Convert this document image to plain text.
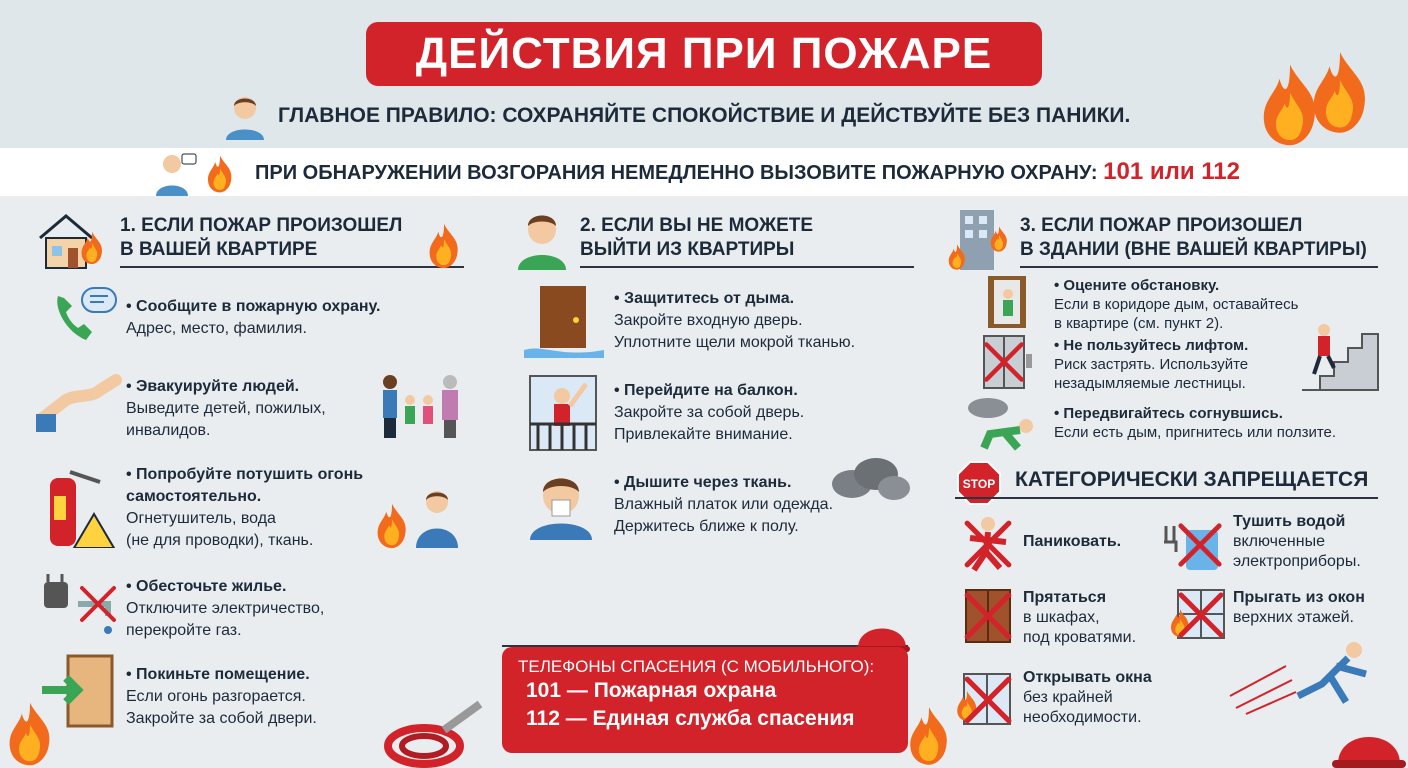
ДЕЙСТВИЯ ПРИ ПОЖАРЕ
ГЛАВНОЕ ПРАВИЛО: СОХРАНЯЙТЕ СПОКОЙСТВИЕ И ДЕЙСТВУЙТЕ БЕЗ ПАНИКИ.
ПРИ ОБНАРУЖЕНИИ ВОЗГОРАНИЯ НЕМЕДЛЕННО ВЫЗОВИТЕ ПОЖАРНУЮ ОХРАНУ: 101 или 112
1. ЕСЛИ ПОЖАР ПРОИЗОШЕЛ
В ВАШЕЙ КВАРТИРЕ
• Сообщите в пожарную охрану.
Адрес, место, фамилия.
• Эвакуируйте людей.
Выведите детей, пожилых,
инвалидов.
• Попробуйте потушить огонь
самостоятельно.
Огнетушитель, вода
(не для проводки), ткань.
• Обесточьте жилье.
Отключите электричество,
перекройте газ.
• Покиньте помещение.
Если огонь разгорается.
Закройте за собой двери.
2. ЕСЛИ ВЫ НЕ МОЖЕТЕ
ВЫЙТИ ИЗ КВАРТИРЫ
• Защититесь от дыма.
Закройте входную дверь.
Уплотните щели мокрой тканью.
• Перейдите на балкон.
Закройте за собой дверь.
Привлекайте внимание.
• Дышите через ткань.
Влажный платок или одежда.
Держитесь ближе к полу.
ТЕЛЕФОНЫ СПАСЕНИЯ (С МОБИЛЬНОГО):
101 — Пожарная охрана
112 — Единая служба спасения
3. ЕСЛИ ПОЖАР ПРОИЗОШЕЛ
В ЗДАНИИ (ВНЕ ВАШЕЙ КВАРТИРЫ)
• Оцените обстановку.
Если в коридоре дым, оставайтесь
в квартире (см. пункт 2).
• Не пользуйтесь лифтом.
Риск застрять. Используйте
незадымляемые лестницы.
• Передвигайтесь согнувшись.
Если есть дым, пригнитесь или ползите.
STOP КАТЕГОРИЧЕСКИ ЗАПРЕЩАЕТСЯ
Паниковать.
Тушить водой
включенные
электроприборы.
Прятаться
в шкафах,
под кроватями.
Прыгать из окон
верхних этажей.
Открывать окна
без крайней
необходимости.
